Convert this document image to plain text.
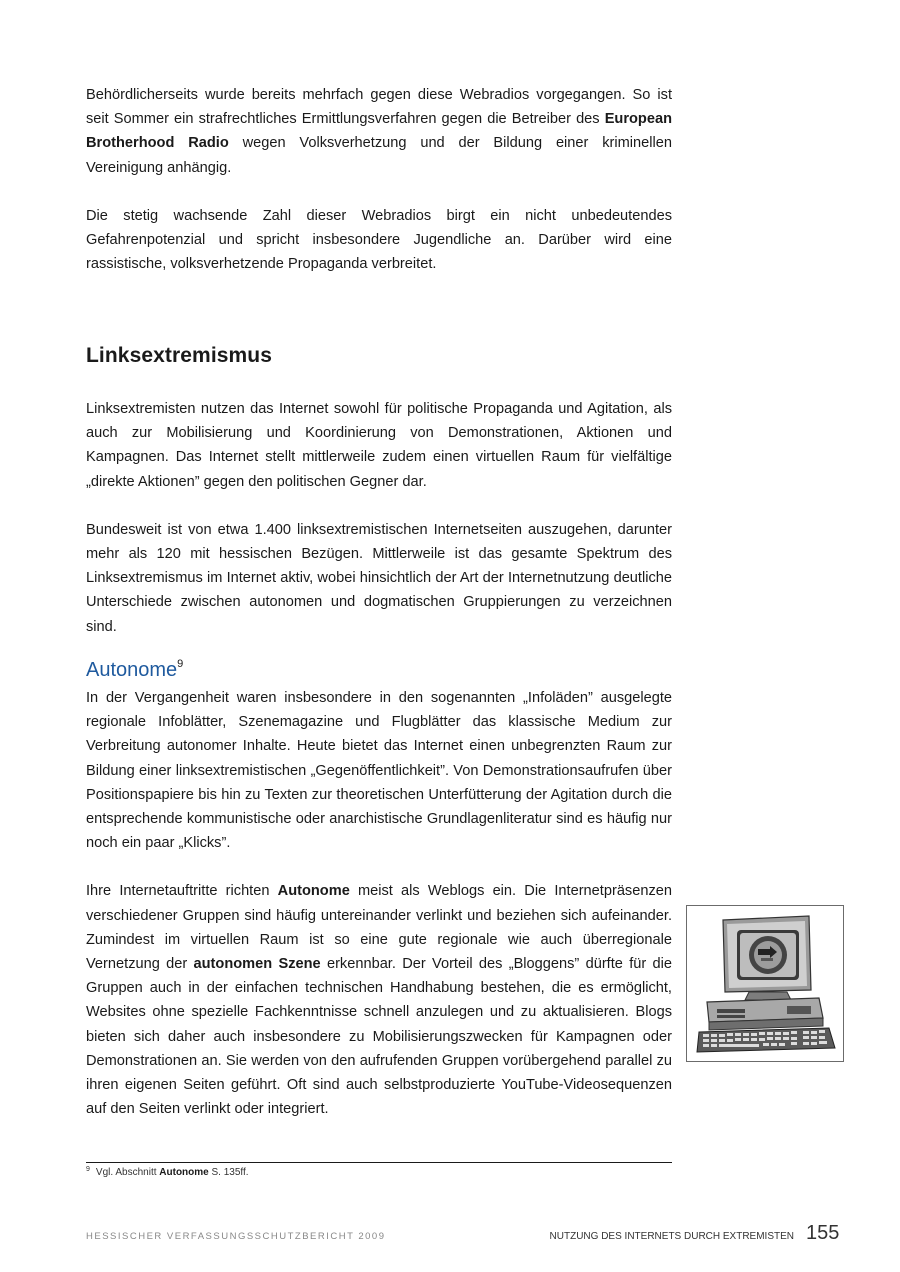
Behördlicherseits wurde bereits mehrfach gegen diese Webradios vorgegangen. So ist seit Sommer ein strafrechtliches Ermittlungsverfahren gegen die Betreiber des European Brotherhood Radio wegen Volksverhetzung und der Bildung einer kriminellen Vereinigung anhängig.

Die stetig wachsende Zahl dieser Webradios birgt ein nicht unbedeutendes Gefahrenpotenzial und spricht insbesondere Jugendliche an. Darüber wird eine rassistische, volksverhetzende Propaganda verbreitet.

Linksextremismus

Linksextremisten nutzen das Internet sowohl für politische Propaganda und Agitation, als auch zur Mobilisierung und Koordinierung von Demonstrationen, Aktionen und Kampagnen. Das Internet stellt mittlerweile zudem einen virtuellen Raum für vielfältige „direkte Aktionen” gegen den politischen Gegner dar.

Bundesweit ist von etwa 1.400 linksextremistischen Internetseiten auszugehen, darunter mehr als 120 mit hessischen Bezügen. Mittlerweile ist das gesamte Spektrum des Linksextremismus im Internet aktiv, wobei hinsichtlich der Art der Internetnutzung deutliche Unterschiede zwischen autonomen und dogmatischen Gruppierungen zu verzeichnen sind.

Autonome$^9$

In der Vergangenheit waren insbesondere in den sogenannten „Infoläden” ausgelegte regionale Infoblätter, Szenemagazine und Flugblätter das klassische Medium zur Verbreitung autonomer Inhalte. Heute bietet das Internet einen unbegrenzten Raum zur Bildung einer linksextremistischen „Gegenöffentlichkeit”. Von Demonstrationsaufrufen über Positionspapiere bis hin zu Texten zur theoretischen Unterfütterung der Agitation durch die entsprechende kommunistische oder anarchistische Grundlagenliteratur sind es häufig nur noch ein paar „Klicks”.

Ihre Internetauftritte richten Autonome meist als Weblogs ein. Die Internetpräsenzen verschiedener Gruppen sind häufig untereinander verlinkt und beziehen sich aufeinander. Zumindest im virtuellen Raum ist so eine gute regionale wie auch überregionale Vernetzung der autonomen Szene erkennbar. Der Vorteil des „Bloggens” dürfte für die Gruppen auch in der einfachen technischen Handhabung bestehen, die es ermöglicht, Websites ohne spezielle Fachkenntnisse schnell anzulegen und zu aktualisieren. Blogs bieten sich daher auch insbesondere zu Mobilisierungszwecken für Kampagnen oder Demonstrationen an. Sie werden von den aufrufenden Gruppen vorübergehend parallel zu ihren eigenen Seiten geführt. Oft sind auch selbstproduzierte YouTube-Videosequenzen auf den Seiten verlinkt oder integriert.

$^9$ Vgl. Abschnitt Autonome S. 135ff.
HESSISCHER VERFASSUNGSSCHUTZBERICHT 2009	NUTZUNG DES INTERNETS DURCH EXTREMISTEN 155
